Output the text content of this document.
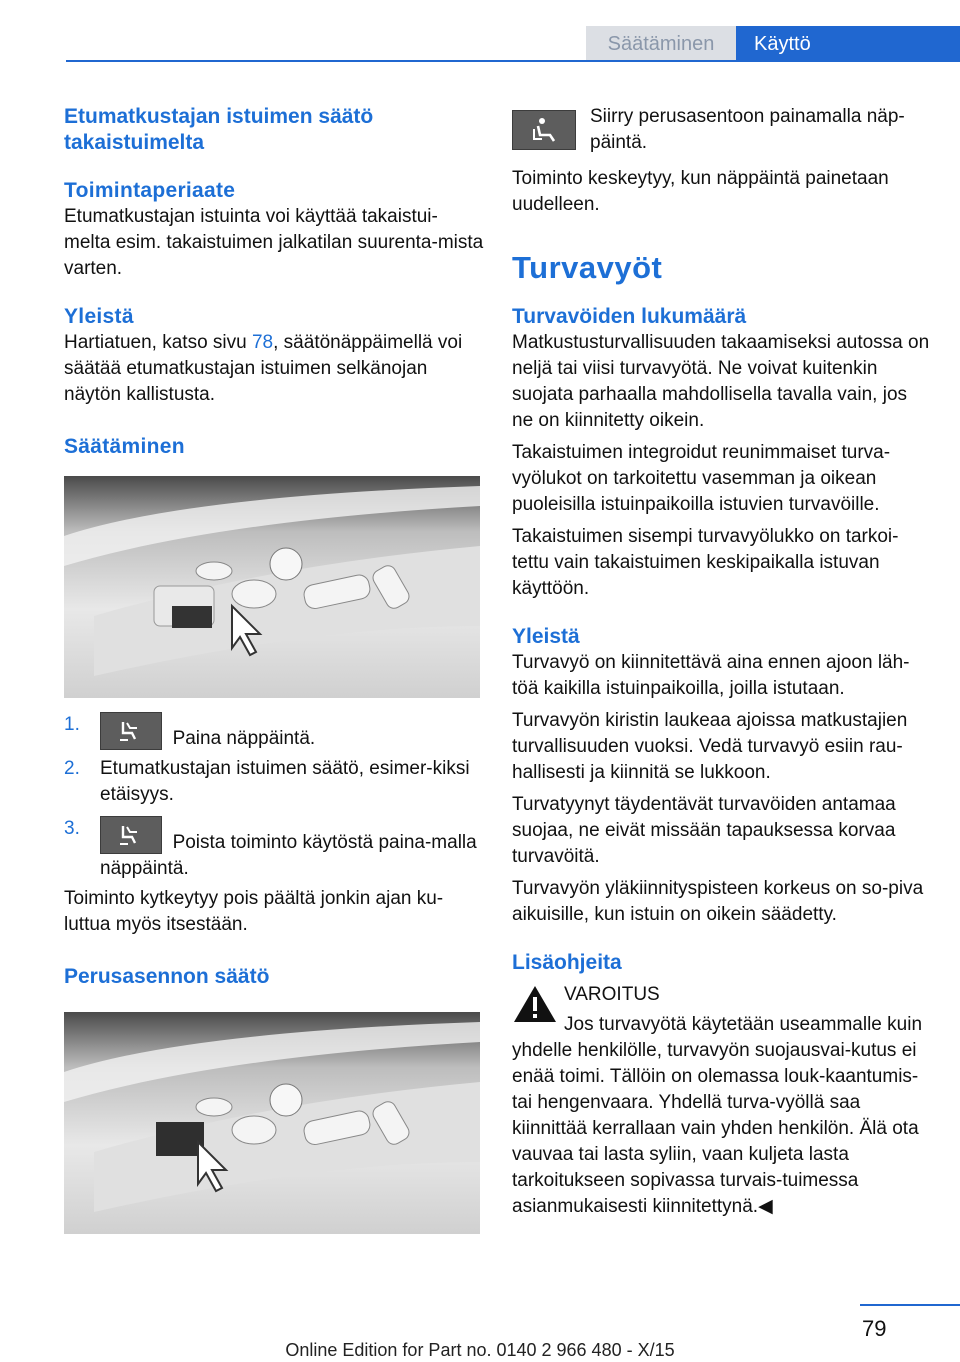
Säätäminen	Käyttö
Etumatkustajan istuimen säätö takaistuimelta
Toimintaperiaate

Etumatkustajan istuinta voi käyttää takaistui-melta esim. takaistuimen jalkatilan suurenta-mista varten.

Yleistä

Hartiatuen, katso sivu 78, säätönäppäimellä voi säätää etumatkustajan istuimen selkänojan näytön kallistusta.

Säätäminen
1.
Paina näppäintä.
2. Etumatkustajan istuimen säätö, esimer-kiksi etäisyys.
3.
Poista toiminto käytöstä paina-malla näppäintä.

Toiminto kytkeytyy pois päältä jonkin ajan ku-luttua myös itsestään.

Perusasennon säätö

Siirry perusasentoon painamalla näp-päintä.

Toiminto keskeytyy, kun näppäintä painetaan uudelleen.

Turvavyöt
Turvavöiden lukumäärä

Matkustusturvallisuuden takaamiseksi autossa on neljä tai viisi turvavyötä. Ne voivat kuitenkin suojata parhaalla mahdollisella tavalla vain, jos ne on kiinnitetty oikein.

Takaistuimen integroidut reunimmaiset turva-vyölukot on tarkoitettu vasemman ja oikean puoleisilla istuinpaikoilla istuvien turvavöille.

Takaistuimen sisempi turvavyölukko on tarkoi-tettu vain takaistuimen keskipaikalla istuvan käyttöön.

Yleistä

Turvavyö on kiinnitettävä aina ennen ajoon läh-töä kaikilla istuinpaikoilla, joilla istutaan.

Turvavyön kiristin laukeaa ajoissa matkustajien turvallisuuden vuoksi. Vedä turvavyö esiin rau-hallisesti ja kiinnitä se lukkoon.

Turvatyynyt täydentävät turvavöiden antamaa suojaa, ne eivät missään tapauksessa korvaa turvavöitä.

Turvavyön yläkiinnityspisteen korkeus on so-piva aikuisille, kun istuin on oikein säädetty.

Lisäohjeita

VAROITUS

Jos turvavyötä käytetään useammalle kuin yhdelle henkilölle, turvavyön suojausvai-kutus ei enää toimi. Tällöin on olemassa louk-kaantumis- tai hengenvaara. Yhdellä turva-vyöllä saa kiinnittää kerrallaan vain yhden henkilön. Älä ota vauvaa tai lasta syliin, vaan kuljeta lasta tarkoitukseen sopivassa turvais-tuimessa asianmukaisesti kiinnitettynä.◀

79
Online Edition for Part no. 0140 2 966 480 - X/15
